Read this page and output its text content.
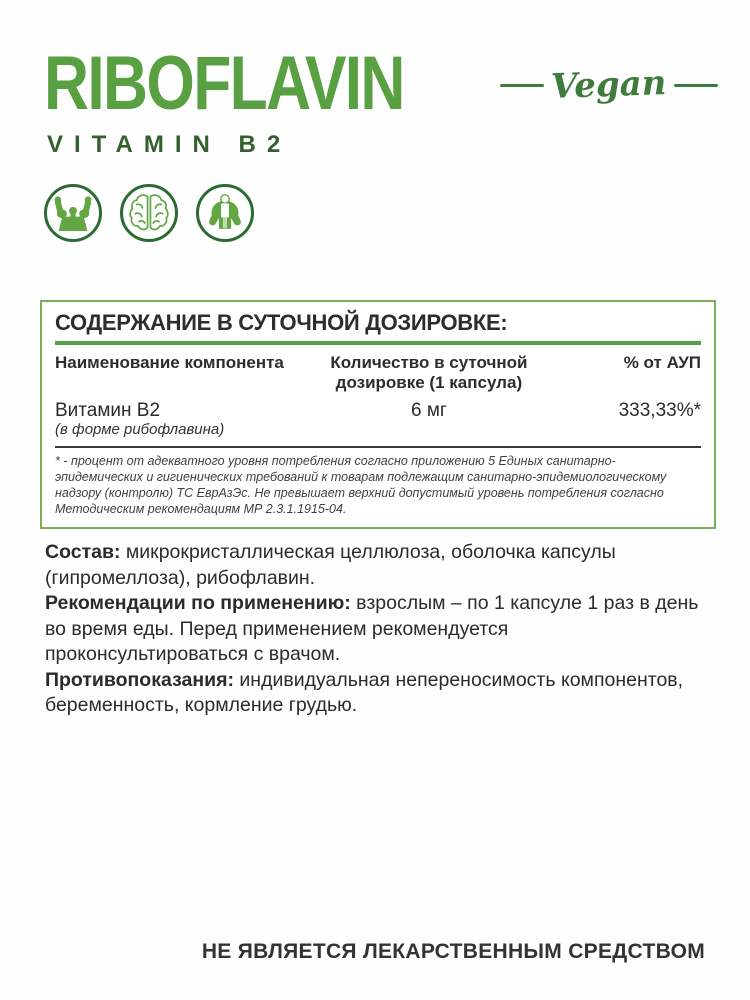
RIBOFLAVIN
VITAMIN B2
Vegan
СОДЕРЖАНИЕ В СУТОЧНОЙ ДОЗИРОВКЕ:
Наименование компонента	Количество в суточной дозировке (1 капсула)
% от АУП
Витамин B2
(в форме рибофлавина)
6 мг	333,33%*
* - процент от адекватного уровня потребления согласно приложению 5 Единых санитарно-эпидемических и гигиенических требований к товарам подлежащим санитарно-эпидемиологическому надзору (контролю) ТС ЕврАзЭс. Не превышает верхний допустимый уровень потребления согласно Методическим рекомендациям МР 2.3.1.1915-04.

Состав: микрокристаллическая целлюлоза, оболочка капсулы (гипромеллоза), рибофлавин.

Рекомендации по применению: взрослым – по 1 капсуле 1 раз в день во время еды. Перед применением рекомендуется проконсультироваться с врачом.

Противопоказания: индивидуальная непереносимость компонентов, беременность, кормление грудью.

НЕ ЯВЛЯЕТСЯ ЛЕКАРСТВЕННЫМ СРЕДСТВОМ
